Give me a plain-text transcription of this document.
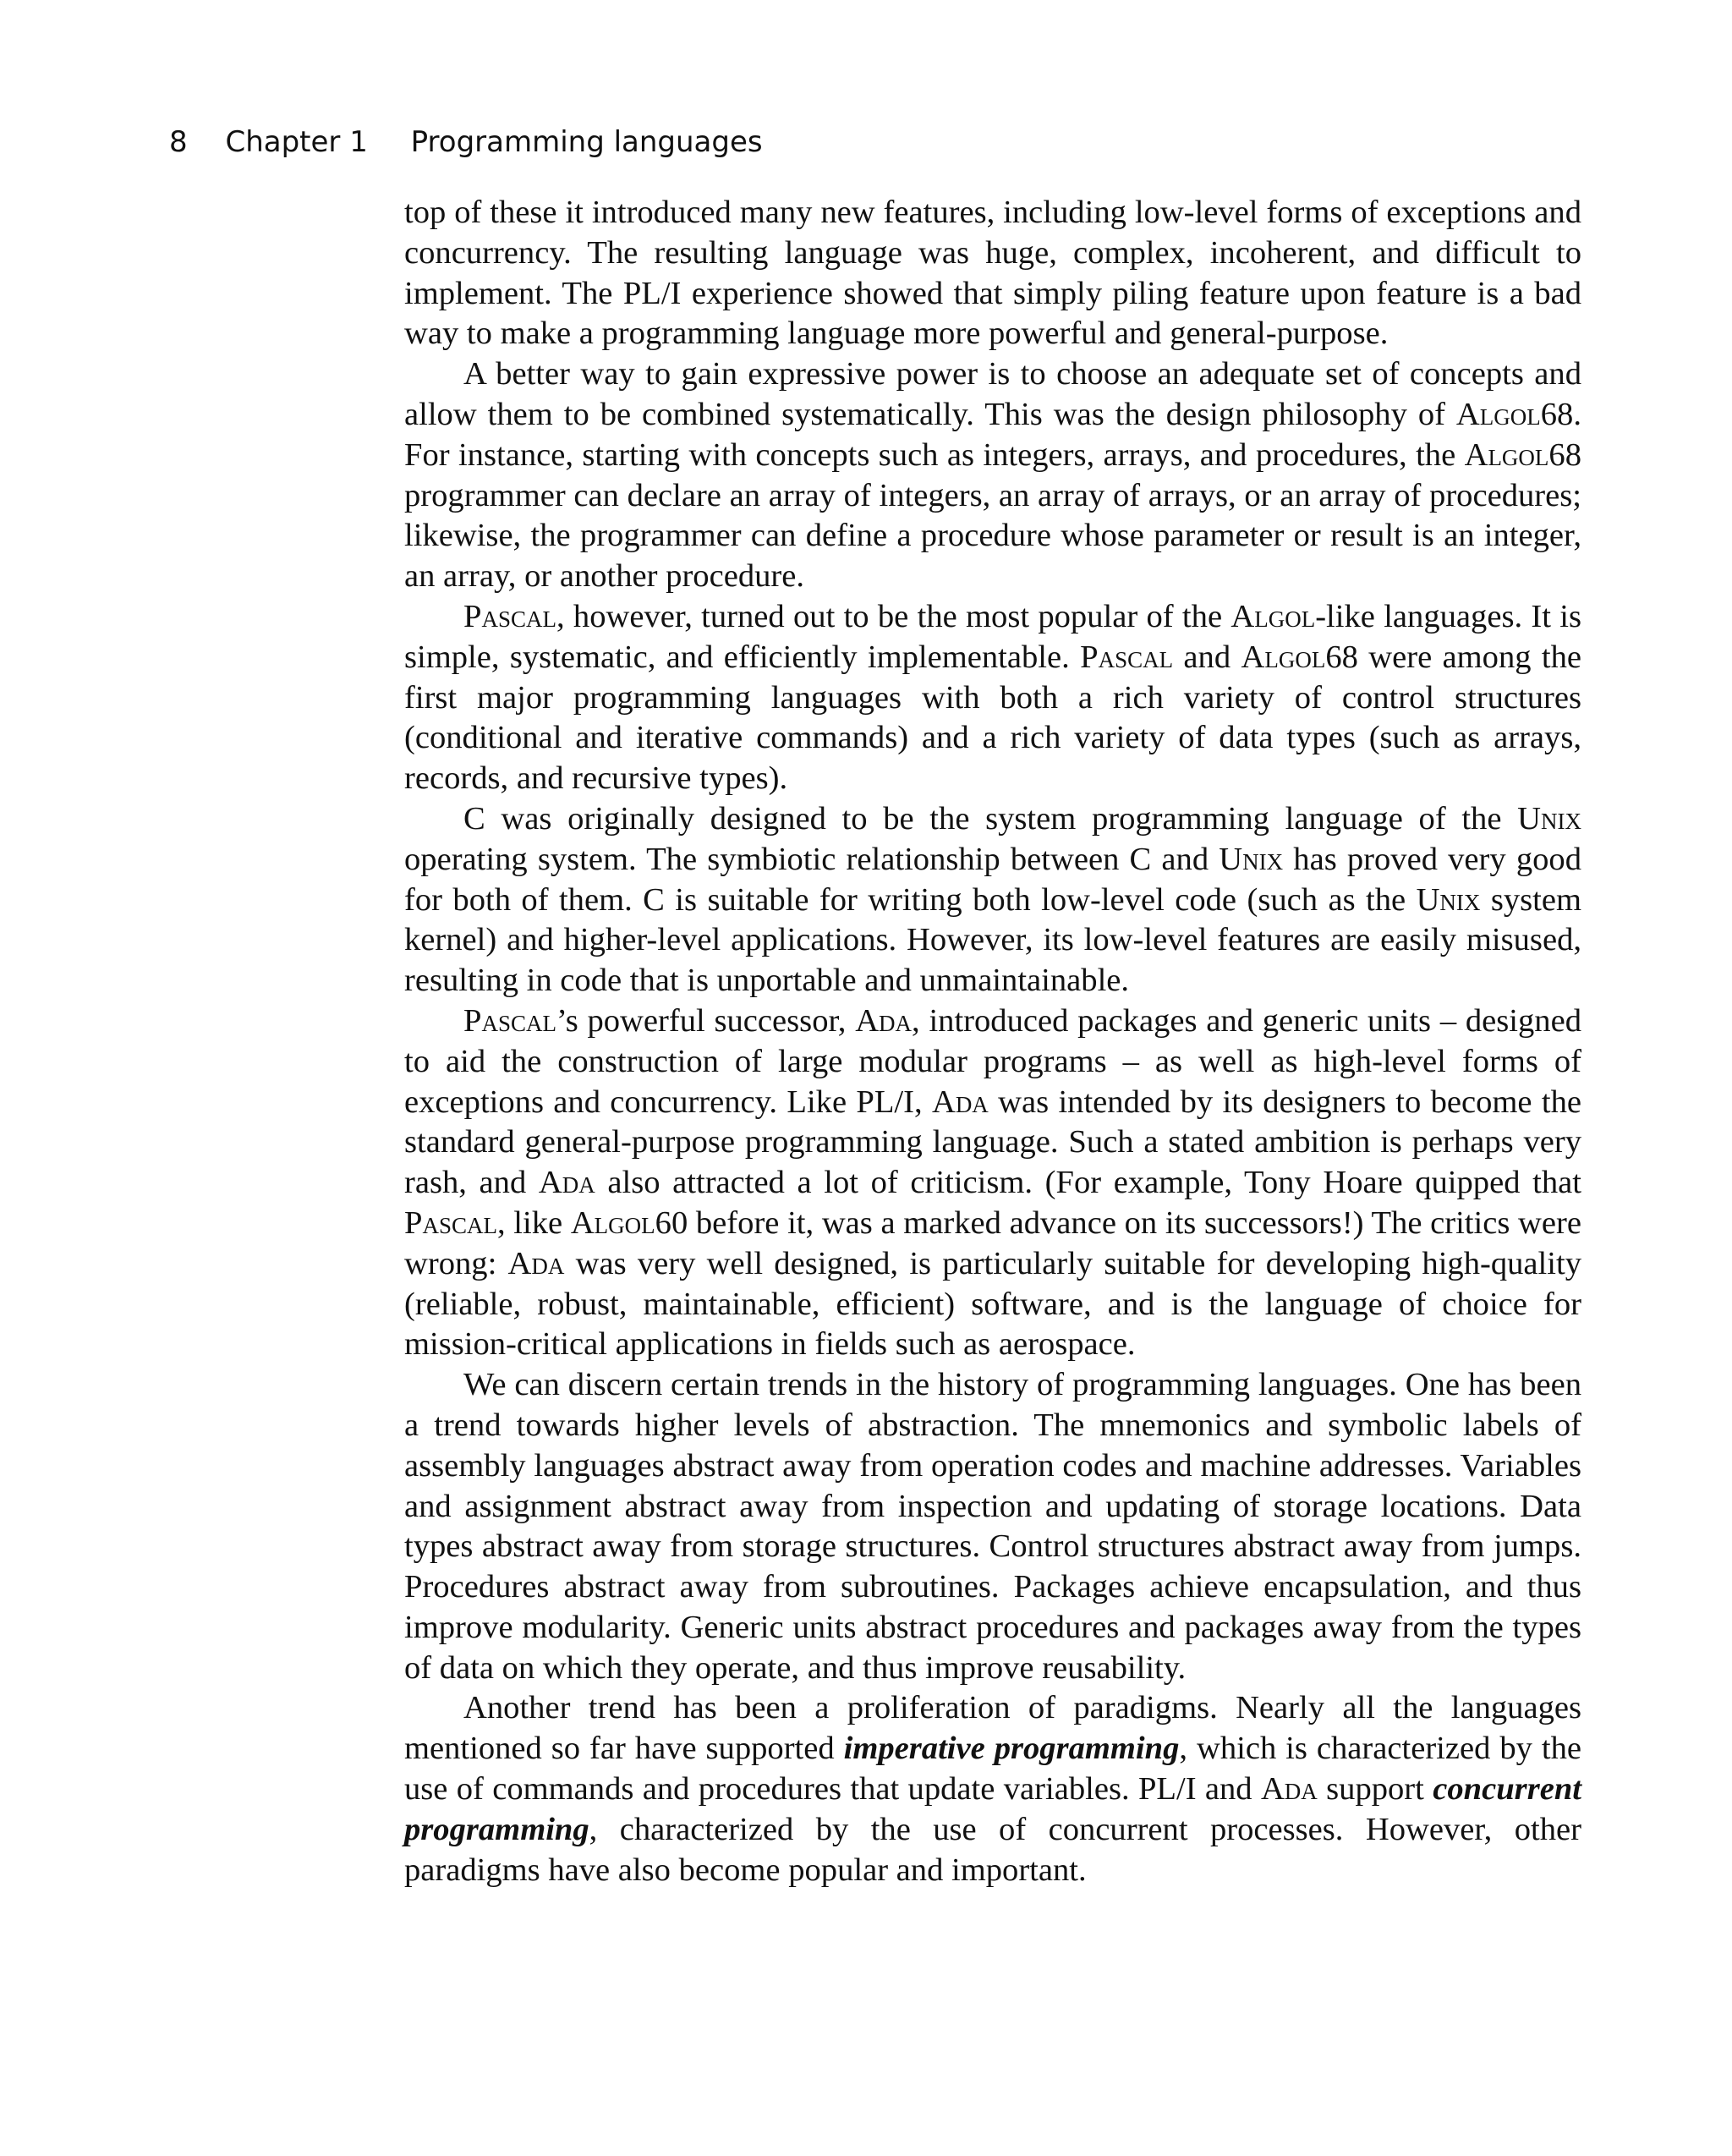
8 Chapter 1 Programming languages

top of these it introduced many new features, including low-level forms of exceptions and concurrency. The resulting language was huge, complex, incoherent, and difficult to implement. The PL/I experience showed that simply piling feature upon feature is a bad way to make a programming language more powerful and general-purpose.

A better way to gain expressive power is to choose an adequate set of concepts and allow them to be combined systematically. This was the design philosophy of Algol68. For instance, starting with concepts such as integers, arrays, and procedures, the Algol68 programmer can declare an array of integers, an array of arrays, or an array of procedures; likewise, the programmer can define a procedure whose parameter or result is an integer, an array, or another procedure.

Pascal, however, turned out to be the most popular of the Algol-like languages. It is simple, systematic, and efficiently implementable. Pascal and Algol68 were among the first major programming languages with both a rich variety of control structures (conditional and iterative commands) and a rich variety of data types (such as arrays, records, and recursive types).

C was originally designed to be the system programming language of the Unix operating system. The symbiotic relationship between C and Unix has proved very good for both of them. C is suitable for writing both low-level code (such as the Unix system kernel) and higher-level applications. However, its low-level features are easily misused, resulting in code that is unportable and unmaintainable.

Pascal’s powerful successor, Ada, introduced packages and generic units – designed to aid the construction of large modular programs – as well as high-level forms of exceptions and concurrency. Like PL/I, Ada was intended by its designers to become the standard general-purpose programming language. Such a stated ambition is perhaps very rash, and Ada also attracted a lot of criticism. (For example, Tony Hoare quipped that Pascal, like Algol60 before it, was a marked advance on its successors!) The critics were wrong: Ada was very well designed, is particularly suitable for developing high-quality (reliable, robust, maintainable, efficient) software, and is the language of choice for mission-critical applications in fields such as aerospace.

We can discern certain trends in the history of programming languages. One has been a trend towards higher levels of abstraction. The mnemonics and symbolic labels of assembly languages abstract away from operation codes and machine addresses. Variables and assignment abstract away from inspection and updating of storage locations. Data types abstract away from storage structures. Control structures abstract away from jumps. Procedures abstract away from subroutines. Packages achieve encapsulation, and thus improve modularity. Generic units abstract procedures and packages away from the types of data on which they operate, and thus improve reusability.

Another trend has been a proliferation of paradigms. Nearly all the languages mentioned so far have supported imperative programming, which is characterized by the use of commands and procedures that update variables. PL/I and Ada support concurrent programming, characterized by the use of concurrent processes. However, other paradigms have also become popular and important.
